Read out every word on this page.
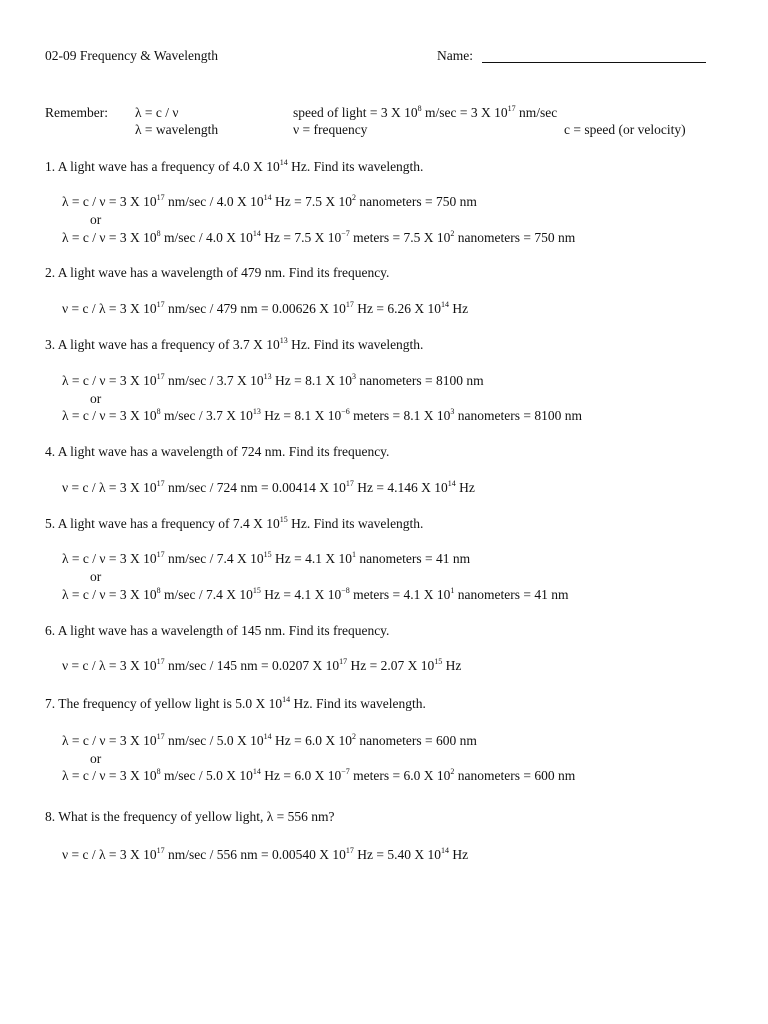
02-09 Frequency & Wavelength	Name:
Remember: λ = c / ν	speed of light = 3 X $10^8$ m/sec = 3 X $10^{17}$ nm/sec
λ = wavelength	ν = frequency	c = speed (or velocity)
1. A light wave has a frequency of 4.0 X $10^{14}$ Hz. Find its wavelength.
λ = c / ν = 3 X $10^{17}$ nm/sec / 4.0 X $10^{14}$ Hz = 7.5 X $10^2$ nanometers = 750 nm
or
λ = c / ν = 3 X $10^8$ m/sec / 4.0 X $10^{14}$ Hz = 7.5 X $10^{-7}$ meters = 7.5 X $10^2$ nanometers = 750 nm
2. A light wave has a wavelength of 479 nm. Find its frequency.
ν = c / λ = 3 X $10^{17}$ nm/sec / 479 nm = 0.00626 X $10^{17}$ Hz = 6.26 X $10^{14}$ Hz
3. A light wave has a frequency of 3.7 X $10^{13}$ Hz. Find its wavelength.
λ = c / ν = 3 X $10^{17}$ nm/sec / 3.7 X $10^{13}$ Hz = 8.1 X $10^3$ nanometers = 8100 nm
or
λ = c / ν = 3 X $10^8$ m/sec / 3.7 X $10^{13}$ Hz = 8.1 X $10^{-6}$ meters = 8.1 X $10^3$ nanometers = 8100 nm
4. A light wave has a wavelength of 724 nm. Find its frequency.
ν = c / λ = 3 X $10^{17}$ nm/sec / 724 nm = 0.00414 X $10^{17}$ Hz = 4.146 X $10^{14}$ Hz
5. A light wave has a frequency of 7.4 X $10^{15}$ Hz. Find its wavelength.
λ = c / ν = 3 X $10^{17}$ nm/sec / 7.4 X $10^{15}$ Hz = 4.1 X $10^1$ nanometers = 41 nm
or
λ = c / ν = 3 X $10^8$ m/sec / 7.4 X $10^{15}$ Hz = 4.1 X $10^{-8}$ meters = 4.1 X $10^1$ nanometers = 41 nm
6. A light wave has a wavelength of 145 nm. Find its frequency.
ν = c / λ = 3 X $10^{17}$ nm/sec / 145 nm = 0.0207 X $10^{17}$ Hz = 2.07 X $10^{15}$ Hz
7. The frequency of yellow light is 5.0 X $10^{14}$ Hz. Find its wavelength.
λ = c / ν = 3 X $10^{17}$ nm/sec / 5.0 X $10^{14}$ Hz = 6.0 X $10^2$ nanometers = 600 nm
or
λ = c / ν = 3 X $10^8$ m/sec / 5.0 X $10^{14}$ Hz = 6.0 X $10^{-7}$ meters = 6.0 X $10^2$ nanometers = 600 nm
8. What is the frequency of yellow light, λ = 556 nm?
ν = c / λ = 3 X $10^{17}$ nm/sec / 556 nm = 0.00540 X $10^{17}$ Hz = 5.40 X $10^{14}$ Hz
